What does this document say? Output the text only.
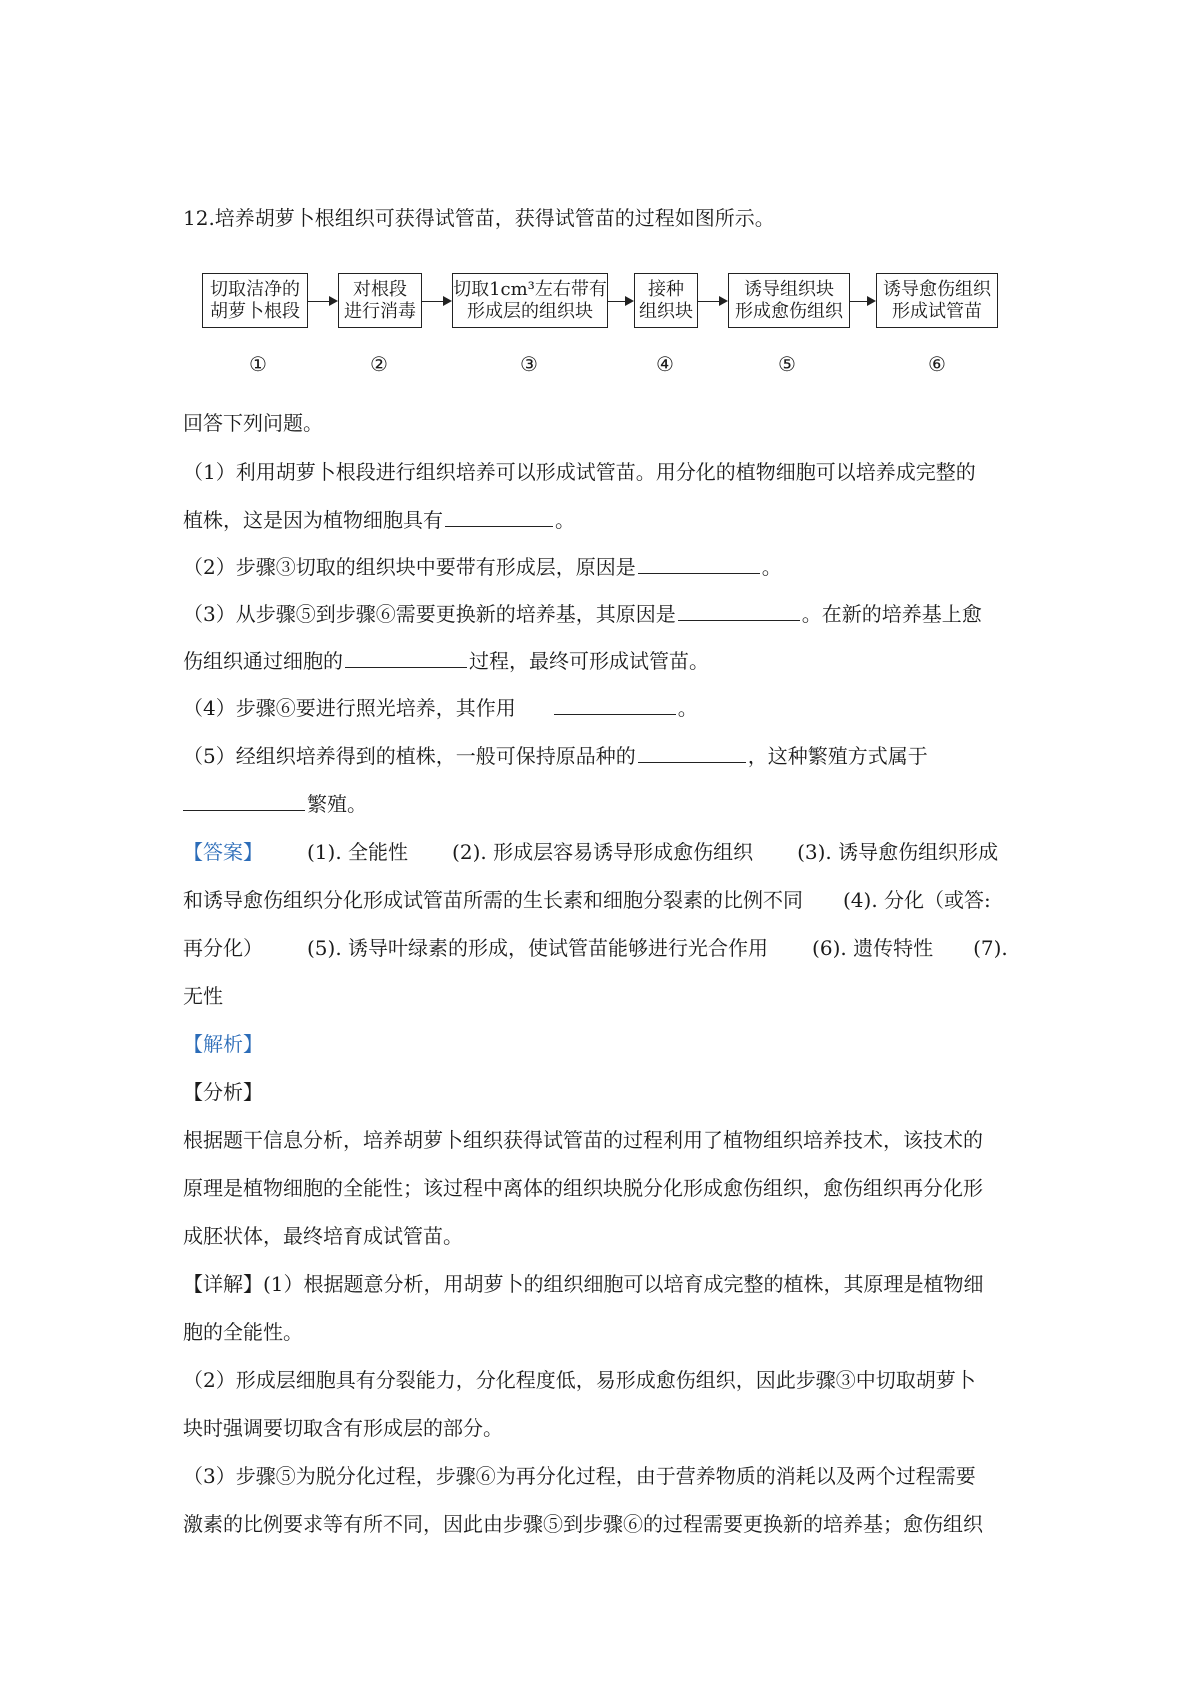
12.培养胡萝卜根组织可获得试管苗，获得试管苗的过程如图所示。
切取洁净的
胡萝卜根段
对根段
进行消毒
切取1cm³左右带有
形成层的组织块
接种
组织块
诱导组织块
形成愈伤组织
诱导愈伤组织
形成试管苗
①	②	③	④	⑤	⑥
回答下列问题。
（1）利用胡萝卜根段进行组织培养可以形成试管苗。用分化的植物细胞可以培养成完整的
植株，这是因为植物细胞具有	。
（2）步骤③切取的组织块中要带有形成层，原因是	。
（3）从步骤⑤到步骤⑥需要更换新的培养基，其原因是	。在新的培养基上愈
伤组织通过细胞的	过程，最终可形成试管苗。
（4）步骤⑥要进行照光培养，其作用	。
（5）经组织培养得到的植株，一般可保持原品种的	，这种繁殖方式属于
繁殖。
【答案】 (1). 全能性 (2). 形成层容易诱导形成愈伤组织 (3). 诱导愈伤组织形成
和诱导愈伤组织分化形成试管苗所需的生长素和细胞分裂素的比例不同 (4). 分化（或答:
再分化） (5). 诱导叶绿素的形成，使试管苗能够进行光合作用 (6). 遗传特性 (7).
无性
【解析】
【分析】
根据题干信息分析，培养胡萝卜组织获得试管苗的过程利用了植物组织培养技术，该技术的
原理是植物细胞的全能性；该过程中离体的组织块脱分化形成愈伤组织，愈伤组织再分化形
成胚状体，最终培育成试管苗。
【详解】(1）根据题意分析，用胡萝卜的组织细胞可以培育成完整的植株，其原理是植物细
胞的全能性。
（2）形成层细胞具有分裂能力，分化程度低，易形成愈伤组织，因此步骤③中切取胡萝卜
块时强调要切取含有形成层的部分。
（3）步骤⑤为脱分化过程，步骤⑥为再分化过程，由于营养物质的消耗以及两个过程需要
激素的比例要求等有所不同，因此由步骤⑤到步骤⑥的过程需要更换新的培养基；愈伤组织
